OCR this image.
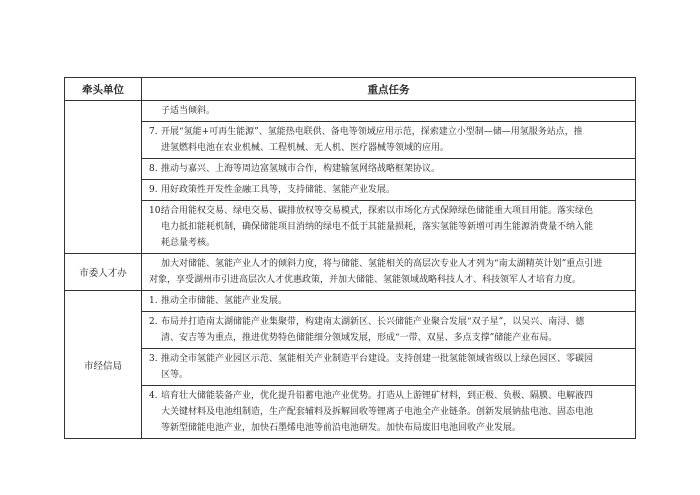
牵头单位	重点任务
	子适当倾斜。
	7. 开展“氢能+可再生能源”、氢能热电联供、备电等领域应用示范，探索建立小型制—储—用氢服务站点，推

进氢燃料电池在农业机械、工程机械、无人机、医疗器械等领域的应用。

	8. 推动与嘉兴、上海等周边富氢城市合作，构建输氢网络战略框架协议。
	9. 用好政策性开发性金融工具等，支持储能、氢能产业发展。
	10.结合用能权交易、绿电交易、碳排放权等交易模式，探索以市场化方式保障绿色储能重大项目用能。落实绿色

电力抵扣能耗机制，确保储能项目消纳的绿电不低于其能量损耗，落实氢能等新增可再生能源消费量不纳入能
耗总量考核。

市委人才办	加大对储能、氢能产业人才的倾斜力度，将与储能、氢能相关的高层次专业人才列为“南太湖精英计划”重点引进
对象，享受湖州市引进高层次人才优惠政策，并加大储能、氢能领域战略科技人才、科技领军人才培育力度。
市经信局	1. 推动全市储能、氢能产业发展。
	2. 布局并打造南太湖储能产业集聚带，构建南太湖新区、长兴储能产业聚合发展“双子星”，以吴兴、南浔、德

清、安吉等为重点，推进优势特色储能细分领域发展，形成“一带、双星、多点支撑”储能产业布局。

	3. 推动全市氢能产业园区示范、氢能相关产业制造平台建设。支持创建一批氢能领域省级以上绿色园区、零碳园

区等。

	4. 培育壮大储能装备产业，优化提升铅蓄电池产业优势。打造从上游锂矿材料，到正极、负极、隔膜、电解液四

大关键材料及电池组制造，生产配套辅料及拆解回收等锂离子电池全产业链条。创新发展钠盐电池、固态电池
等新型储能电池产业，加快石墨烯电池等前沿电池研发。加快布局废旧电池回收产业发展。
